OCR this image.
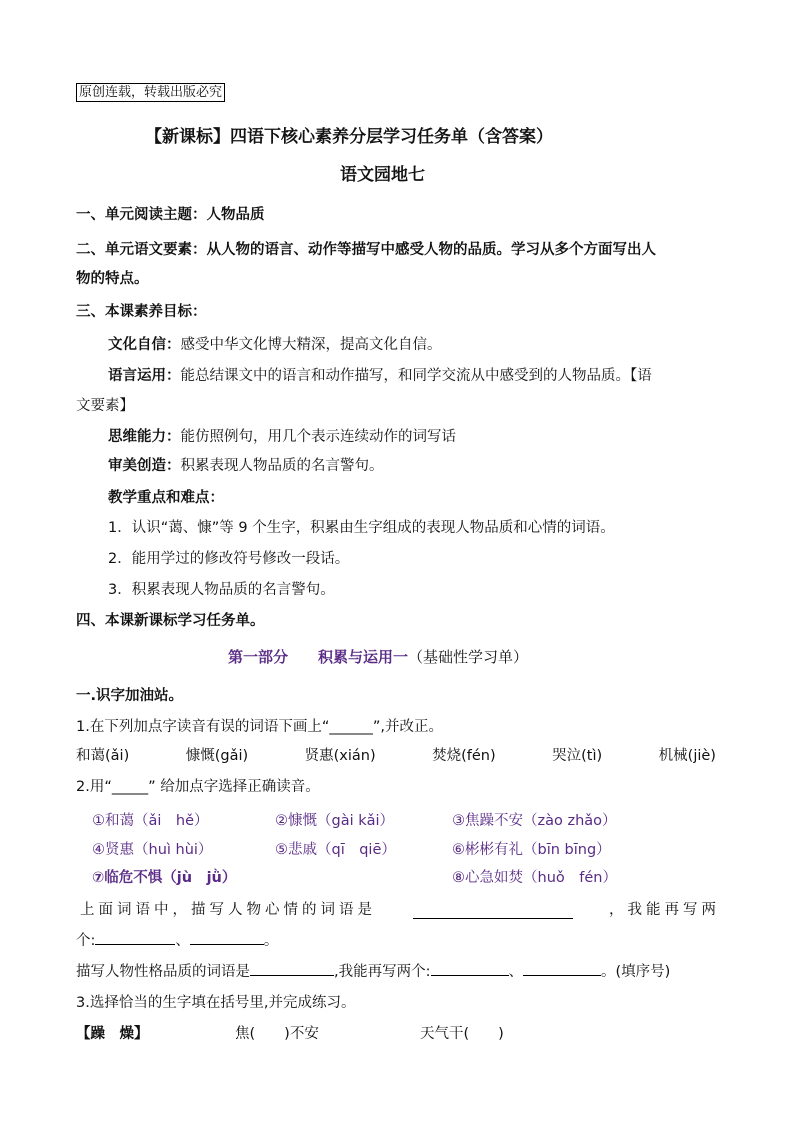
原创连载，转载出版必究
【新课标】四语下核心素养分层学习任务单（含答案）
语文园地七
一、单元阅读主题：人物品质
二、单元语文要素：从人物的语言、动作等描写中感受人物的品质。学习从多个方面写出人
物的特点。
三、本课素养目标：
文化自信：感受中华文化博大精深，提高文化自信。
语言运用：能总结课文中的语言和动作描写，和同学交流从中感受到的人物品质。【语
文要素】
思维能力：能仿照例句，用几个表示连续动作的词写话
审美创造：积累表现人物品质的名言警句。
教学重点和难点：
1．认识“蔼、慷”等 9 个生字，积累由生字组成的表现人物品质和心情的词语。
2．能用学过的修改符号修改一段话。
3．积累表现人物品质的名言警句。
四、本课新课标学习任务单。
第一部分　　积累与运用一（基础性学习单）
一.识字加油站。
1.在下列加点字读音有误的词语下画上“______”,并改正。
和蔼(ǎi)	慷慨(gǎi)	贤惠(xián)	焚烧(fén)	哭泣(tì)	机械(jiè)
2.用“_____” 给加点字选择正确读音。
①和蔼（ǎi　hě）	②慷慨（gài kǎi）	③焦躁不安（zào zhǎo）
④贤惠（huì hùi）	⑤悲戚（qī　qiē）	⑥彬彬有礼（bīn bīng）
⑦临危不惧（jù　jǜ）	⑧心急如焚（huǒ　fén）
上面词语中，描写人物心情的词语是	，我能再写两
个:	、	。
描写人物性格品质的词语是	,我能再写两个:	、	。(填序号)
3.选择恰当的生字填在括号里,并完成练习。
【躁　燥】	焦(　　)不安	天气干(　　)
